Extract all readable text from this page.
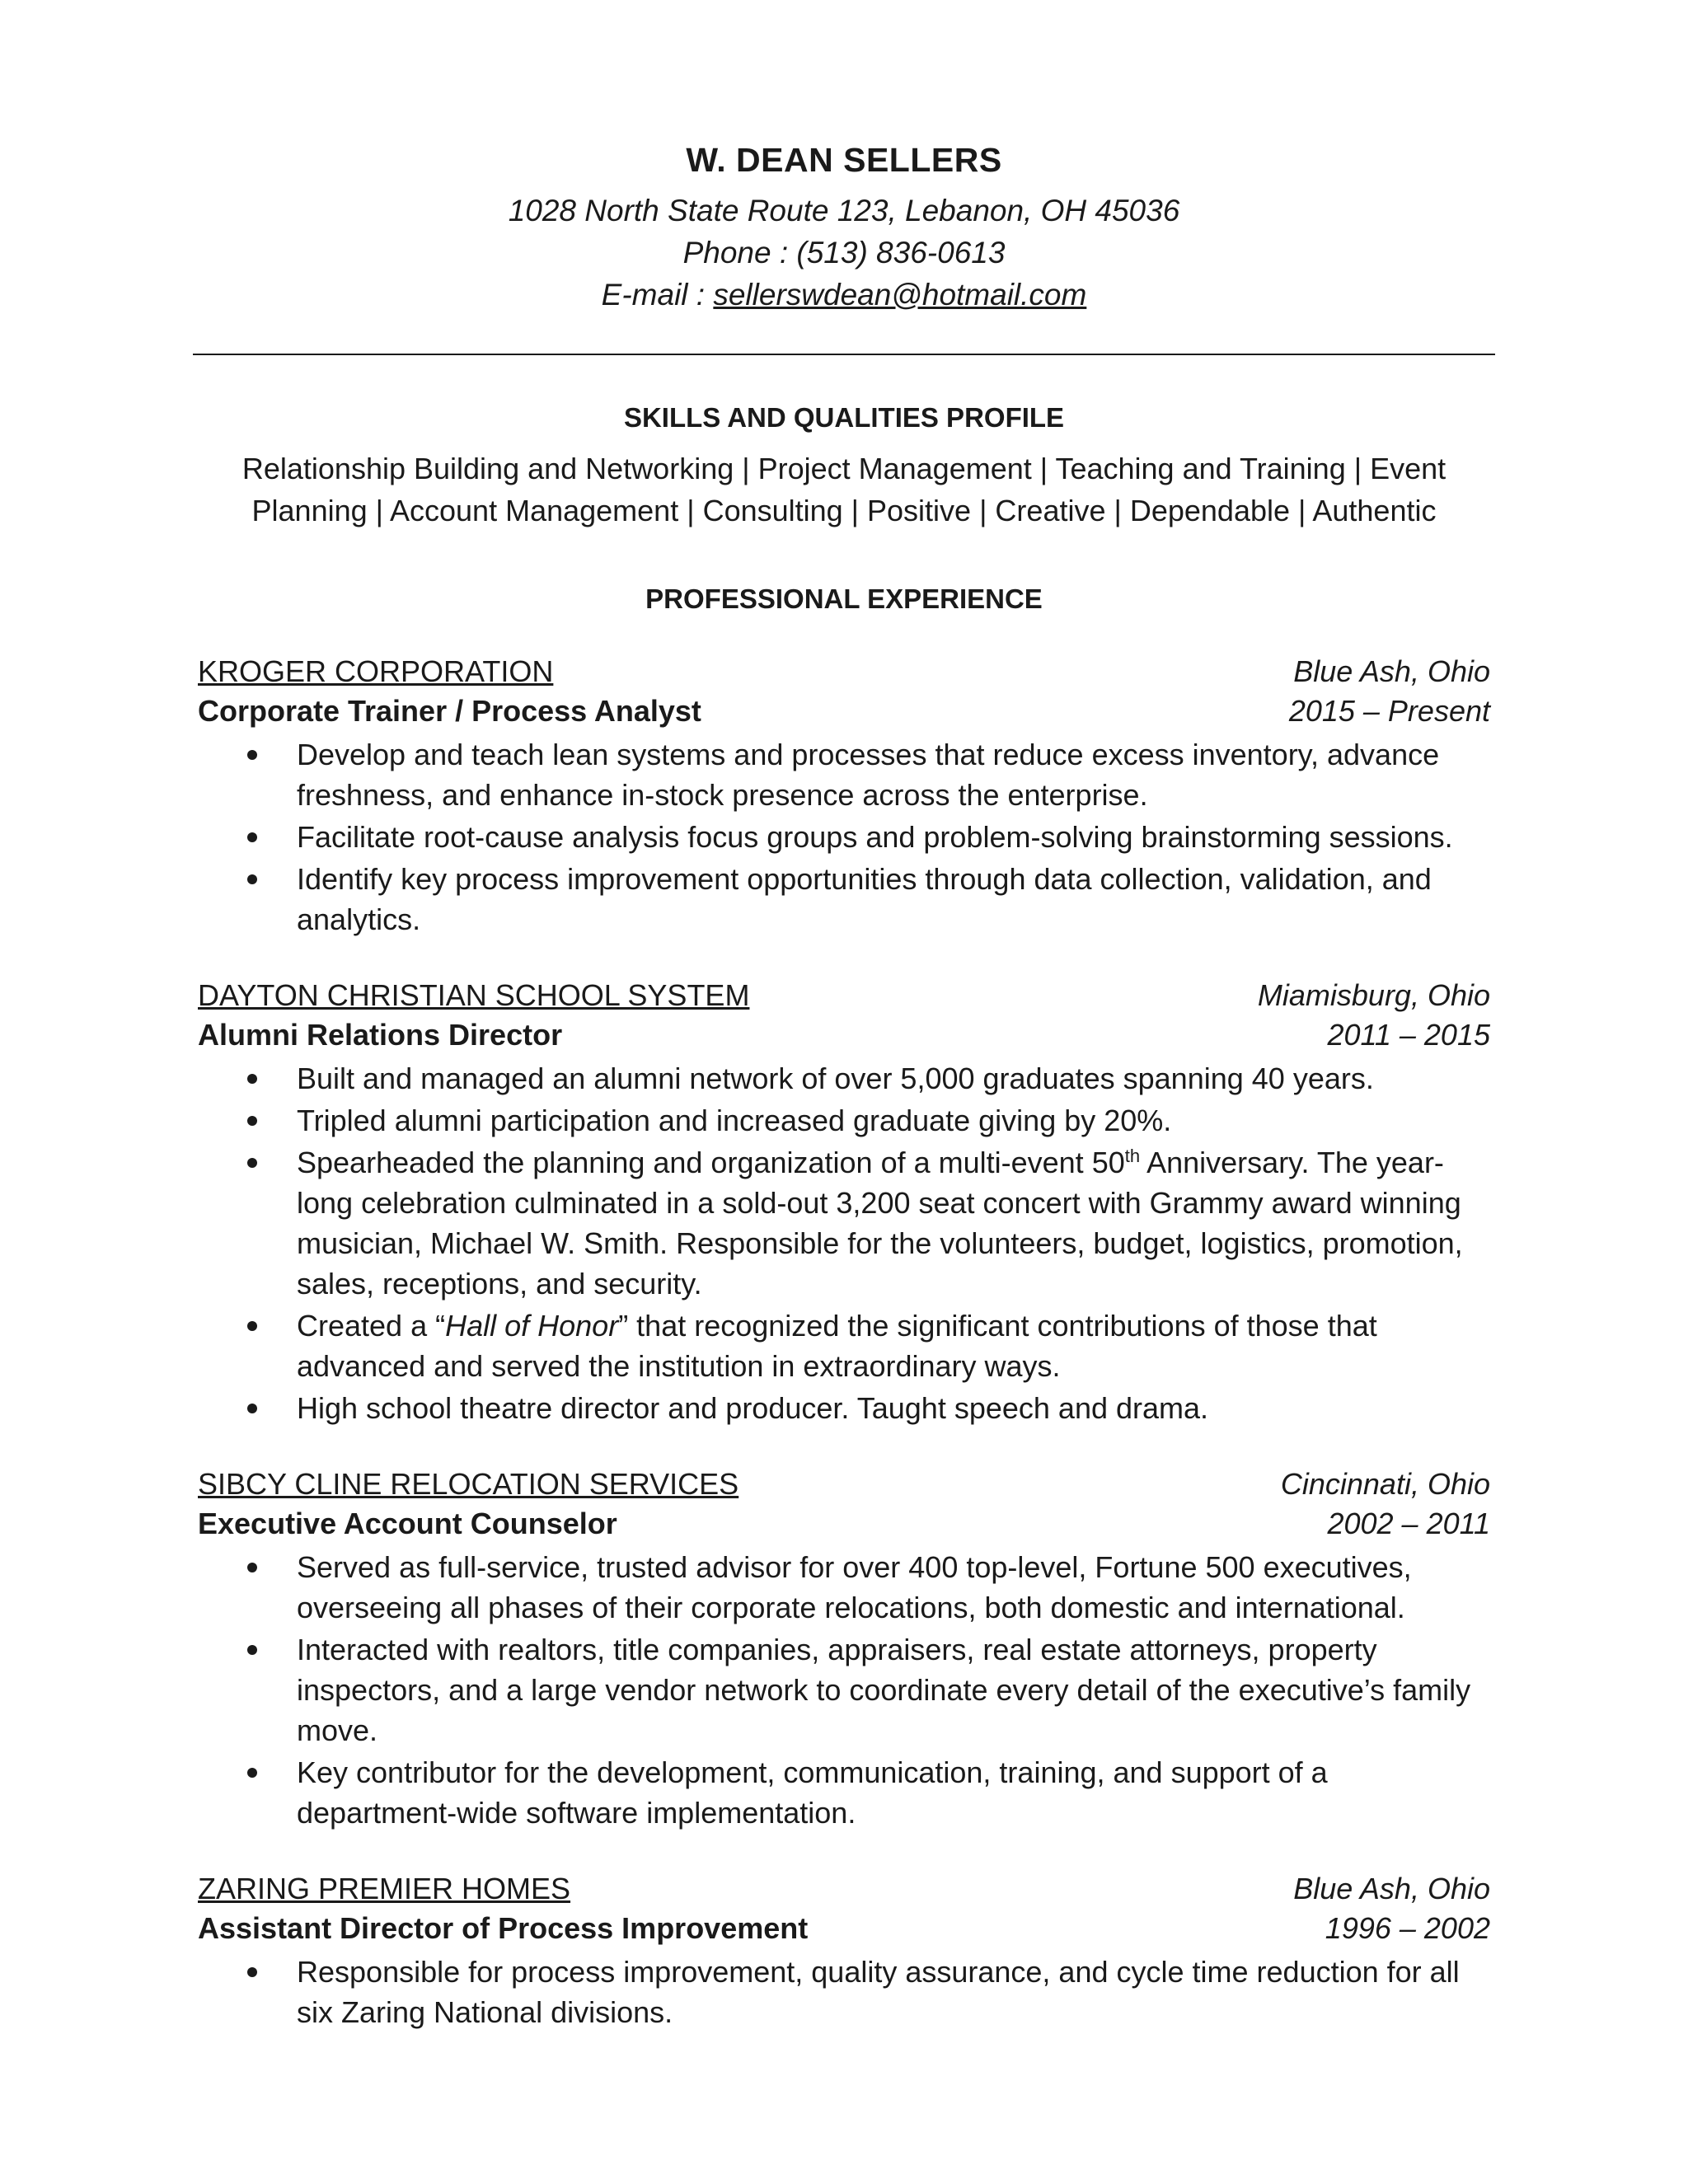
W. DEAN SELLERS

1028 North State Route 123, Lebanon, OH 45036

Phone : (513) 836-0613

E-mail : sellerswdean@hotmail.com

SKILLS AND QUALITIES PROFILE
Relationship Building and Networking | Project Management | Teaching and Training | Event Planning | Account Management | Consulting | Positive | Creative | Dependable | Authentic
PROFESSIONAL EXPERIENCE
KROGER CORPORATION	Blue Ash, Ohio
Corporate Trainer / Process Analyst	2015 – Present
Develop and teach lean systems and processes that reduce excess inventory, advance freshness, and enhance in-stock presence across the enterprise.
Facilitate root-cause analysis focus groups and problem-solving brainstorming sessions.
Identify key process improvement opportunities through data collection, validation, and analytics.
DAYTON CHRISTIAN SCHOOL SYSTEM	Miamisburg, Ohio
Alumni Relations Director	2011 – 2015
Built and managed an alumni network of over 5,000 graduates spanning 40 years.
Tripled alumni participation and increased graduate giving by 20%.
Spearheaded the planning and organization of a multi-event 50th Anniversary. The year-long celebration culminated in a sold-out 3,200 seat concert with Grammy award winning musician, Michael W. Smith. Responsible for the volunteers, budget, logistics, promotion, sales, receptions, and security.
Created a “Hall of Honor” that recognized the significant contributions of those that advanced and served the institution in extraordinary ways.
High school theatre director and producer. Taught speech and drama.
SIBCY CLINE RELOCATION SERVICES	Cincinnati, Ohio
Executive Account Counselor	2002 – 2011
Served as full-service, trusted advisor for over 400 top-level, Fortune 500 executives, overseeing all phases of their corporate relocations, both domestic and international.
Interacted with realtors, title companies, appraisers, real estate attorneys, property inspectors, and a large vendor network to coordinate every detail of the executive’s family move.
Key contributor for the development, communication, training, and support of a department-wide software implementation.
ZARING PREMIER HOMES	Blue Ash, Ohio
Assistant Director of Process Improvement	1996 – 2002
Responsible for process improvement, quality assurance, and cycle time reduction for all six Zaring National divisions.
